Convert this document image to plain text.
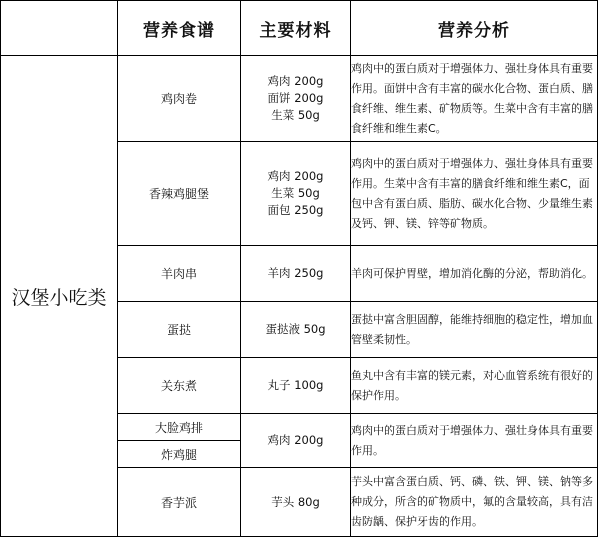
	营养食谱	主要材料	营养分析
汉堡小吃类	鸡肉卷	鸡肉 200g
面饼 200g
生菜 50g	鸡肉中的蛋白质对于增强体力、强壮身体具有重要作用。面饼中含有丰富的碳水化合物、蛋白质、膳食纤维、维生素、矿物质等。生菜中含有丰富的膳食纤维和维生素C。
	香辣鸡腿堡	鸡肉 200g
生菜 50g
面包 250g	鸡肉中的蛋白质对于增强体力、强壮身体具有重要作用。生菜中含有丰富的膳食纤维和维生素C，面包中含有蛋白质、脂肪、碳水化合物、少量维生素及钙、钾、镁、锌等矿物质。
	羊肉串	羊肉 250g	羊肉可保护胃壁，增加消化酶的分泌，帮助消化。
	蛋挞	蛋挞液 50g	蛋挞中富含胆固醇，能维持细胞的稳定性，增加血管壁柔韧性。
	关东煮	丸子 100g	鱼丸中含有丰富的镁元素，对心血管系统有很好的保护作用。
	大脸鸡排	鸡肉 200g	鸡肉中的蛋白质对于增强体力、强壮身体具有重要作用。
	炸鸡腿		
	香芋派	芋头 80g	芋头中富含蛋白质、钙、磷、铁、钾、镁、钠等多种成分，所含的矿物质中，氟的含量较高，具有洁齿防龋、保护牙齿的作用。
